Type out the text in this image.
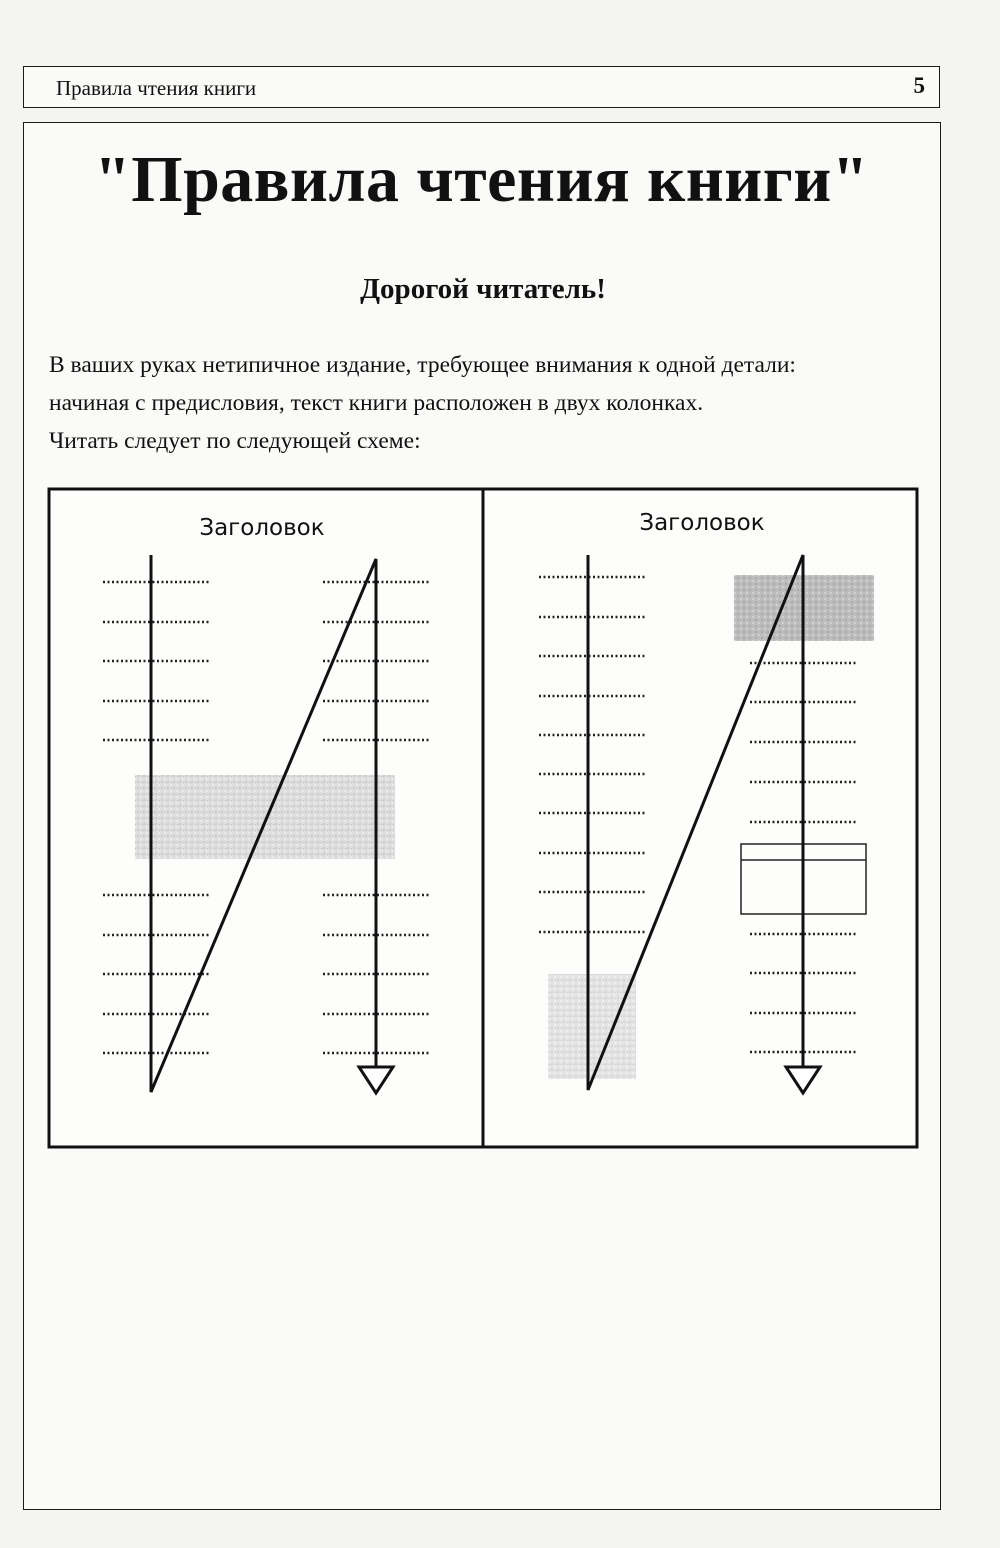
Правила чтения книги	5
"Правила чтения книги"
Дорогой читатель!
В ваших руках нетипичное издание, требующее внимания к одной детали:
начиная с предисловия, текст книги расположен в двух колонках.
Читать следует по следующей схеме:
Заголовок	Заголовок
